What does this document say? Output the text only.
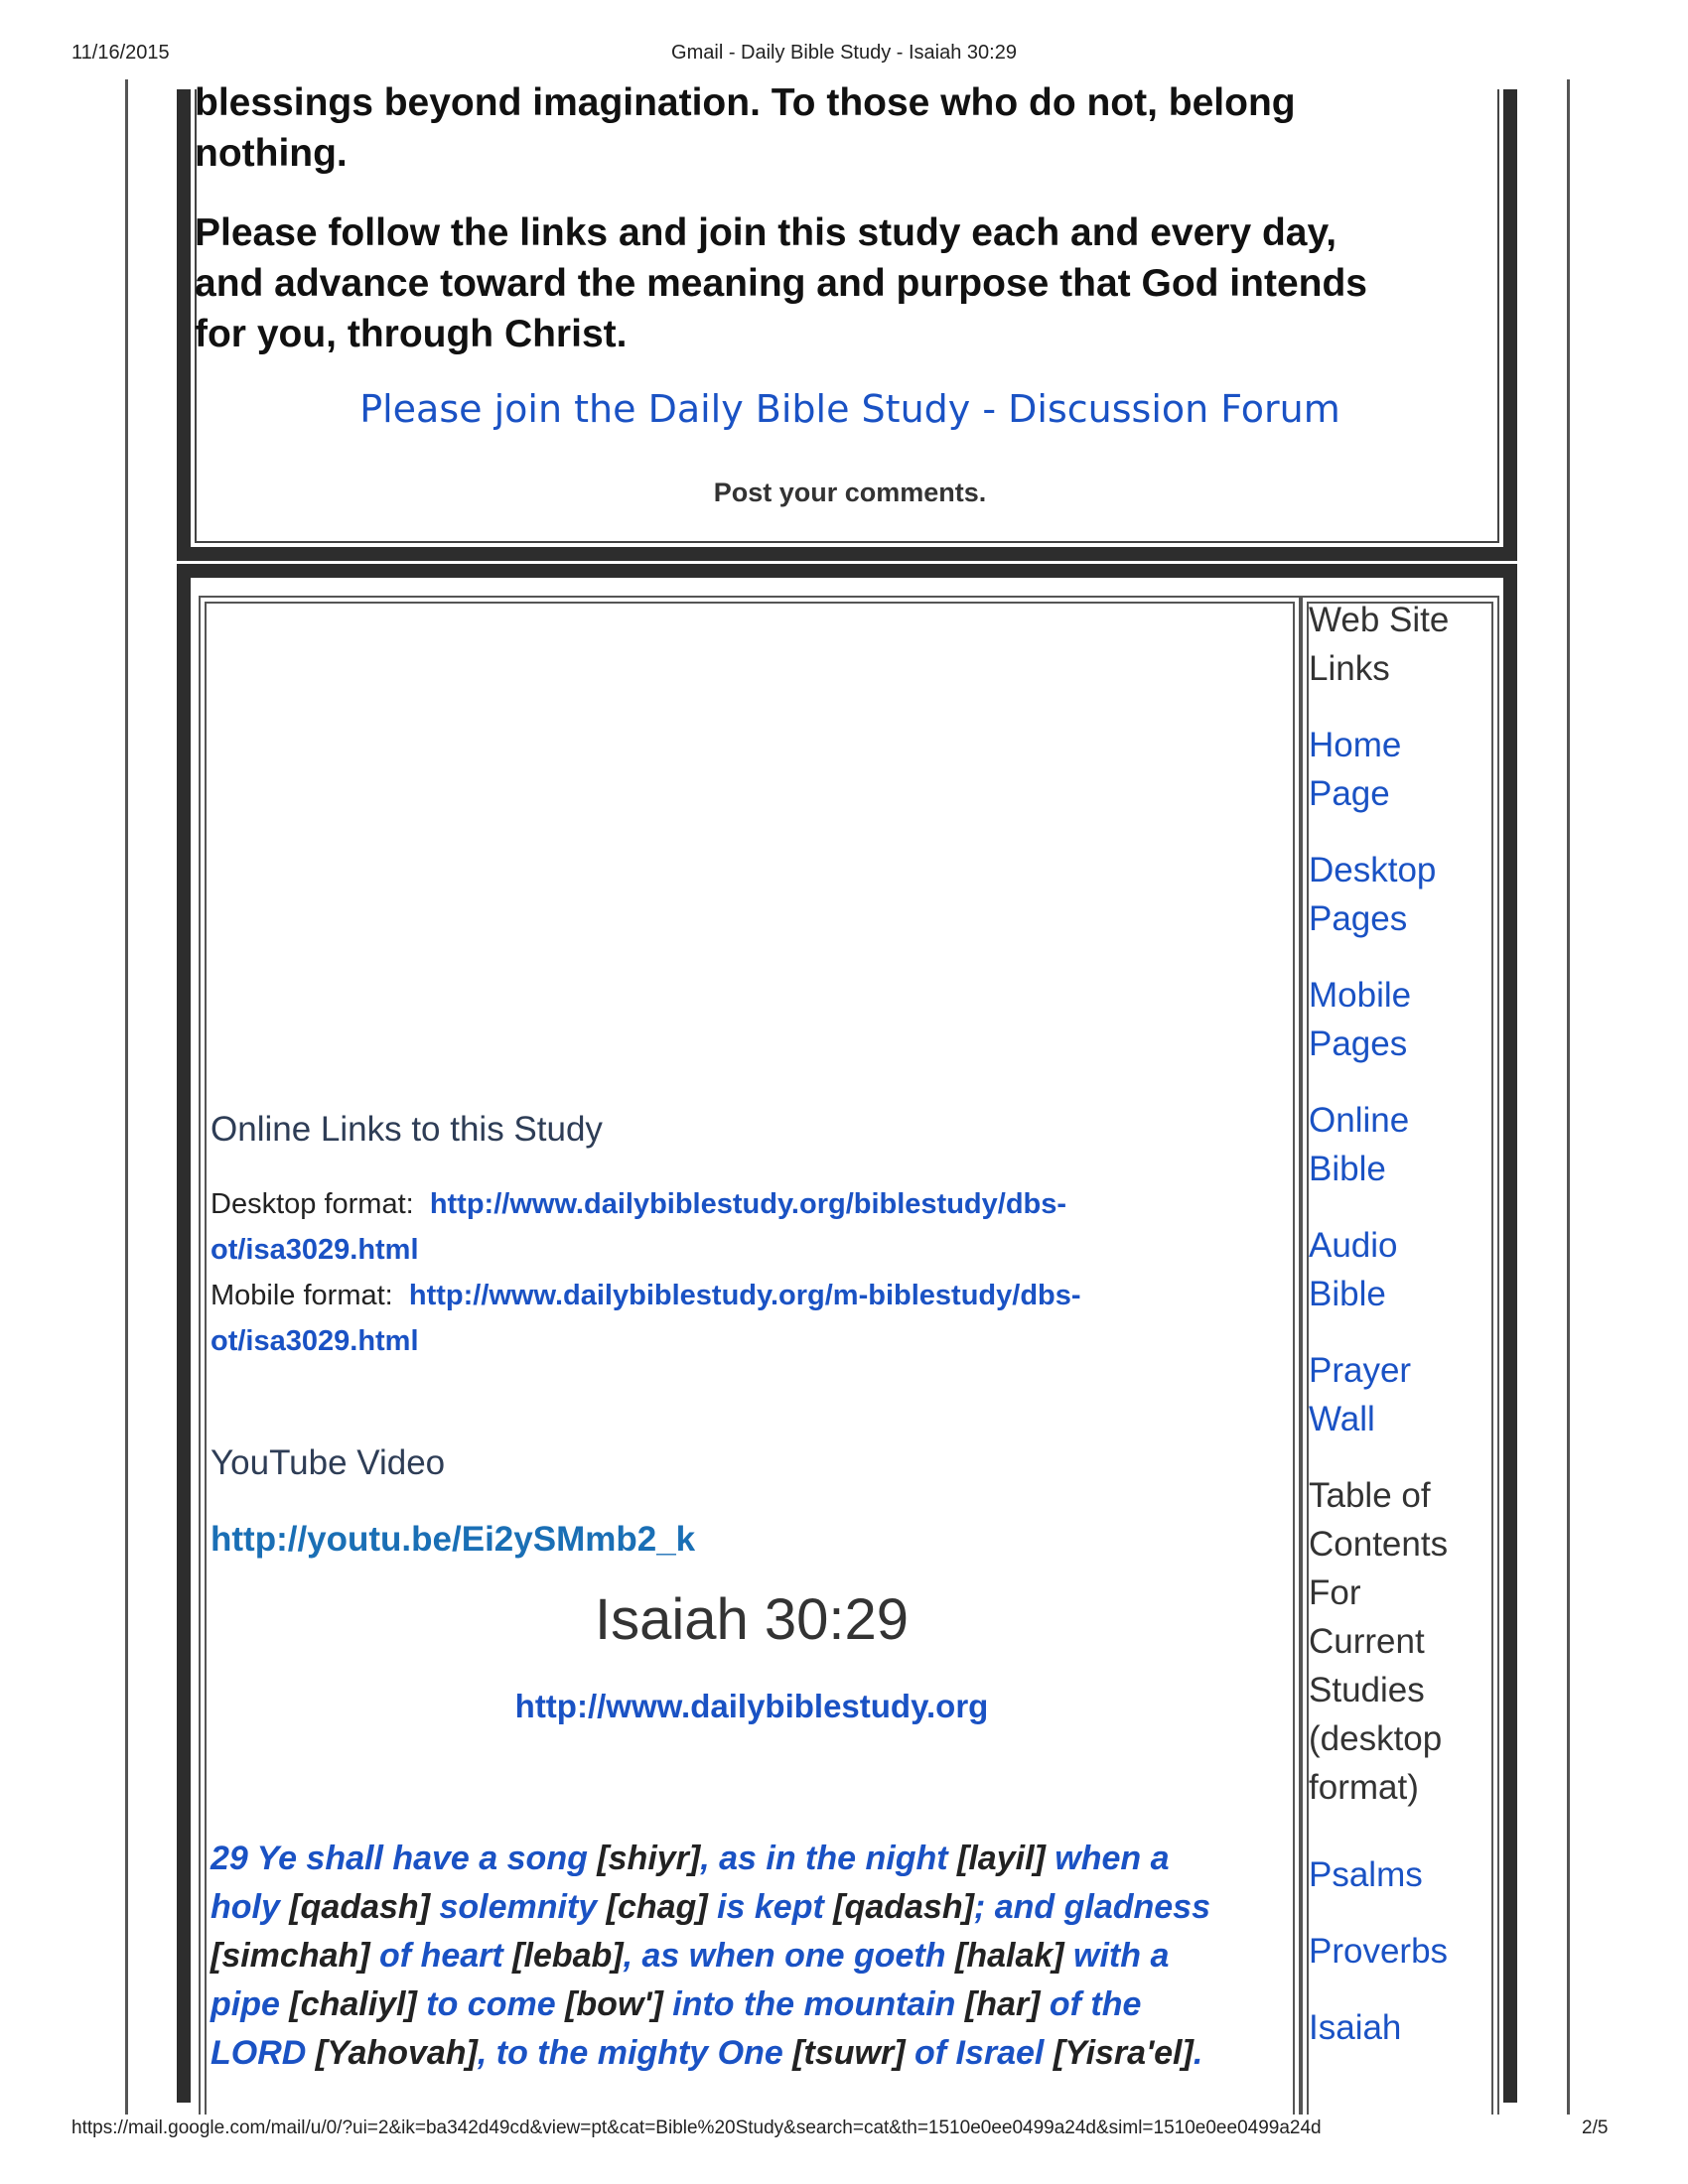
11/16/2015	Gmail - Daily Bible Study - Isaiah 30:29
blessings beyond imagination. To those who do not, belong
nothing.
Please follow the links and join this study each and every day,
and advance toward the meaning and purpose that God intends
for you, through Christ.
Please join the Daily Bible Study - Discussion Forum
Post your comments.
Online Links to this Study
Desktop format: http://www.dailybiblestudy.org/biblestudy/dbs-
ot/isa3029.html
Mobile format: http://www.dailybiblestudy.org/m-biblestudy/dbs-
ot/isa3029.html
YouTube Video
http://youtu.be/Ei2ySMmb2_k
Isaiah 30:29
http://www.dailybiblestudy.org
29 Ye shall have a song [shiyr], as in the night [layil] when a
holy [qadash] solemnity [chag] is kept [qadash]; and gladness
[simchah] of heart [lebab], as when one goeth [halak] with a
pipe [chaliyl] to come [bow'] into the mountain [har] of the
LORD [Yahovah], to the mighty One [tsuwr] of Israel [Yisra'el].
Web Site
Links
Home
Page
Desktop
Pages
Mobile
Pages
Online
Bible
Audio
Bible
Prayer
Wall
Table of
Contents
For
Current
Studies
(desktop
format)
Psalms
Proverbs
Isaiah
https://mail.google.com/mail/u/0/?ui=2&ik=ba342d49cd&view=pt&cat=Bible%20Study&search=cat&th=1510e0ee0499a24d&siml=1510e0ee0499a24d	2/5
